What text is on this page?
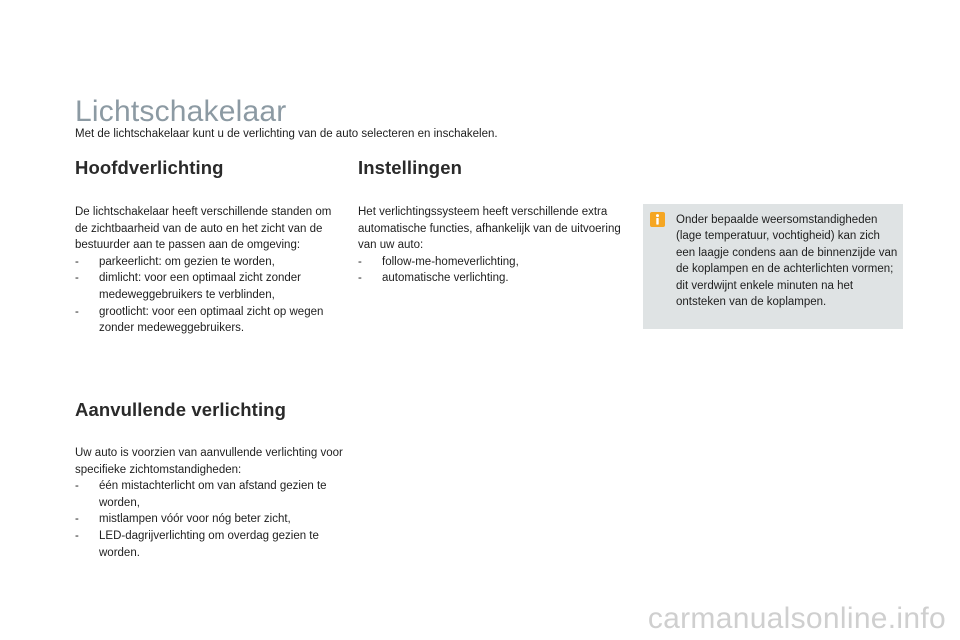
Lichtschakelaar

Met de lichtschakelaar kunt u de verlichting van de auto selecteren en inschakelen.

Hoofdverlichting

De lichtschakelaar heeft verschillende standen om de zichtbaarheid van de auto en het zicht van de bestuurder aan te passen aan de omgeving:

- parkeerlicht: om gezien te worden,
- dimlicht: voor een optimaal zicht zonder medeweggebruikers te verblinden,
- grootlicht: voor een optimaal zicht op wegen zonder medeweggebruikers.
Aanvullende verlichting

Uw auto is voorzien van aanvullende verlichting voor specifieke zichtomstandigheden:

- één mistachterlicht om van afstand gezien te worden,
- mistlampen vóór voor nóg beter zicht,
- LED-dagrijverlichting om overdag gezien te worden.
Instellingen

Het verlichtingssysteem heeft verschillende extra automatische functies, afhankelijk van de uitvoering van uw auto:

- follow-me-homeverlichting,
- automatische verlichting.

Onder bepaalde weersomstandigheden (lage temperatuur, vochtigheid) kan zich een laagje condens aan de binnenzijde van de koplampen en de achterlichten vormen; dit verdwijnt enkele minuten na het ontsteken van de koplampen.

carmanualsonline.info
